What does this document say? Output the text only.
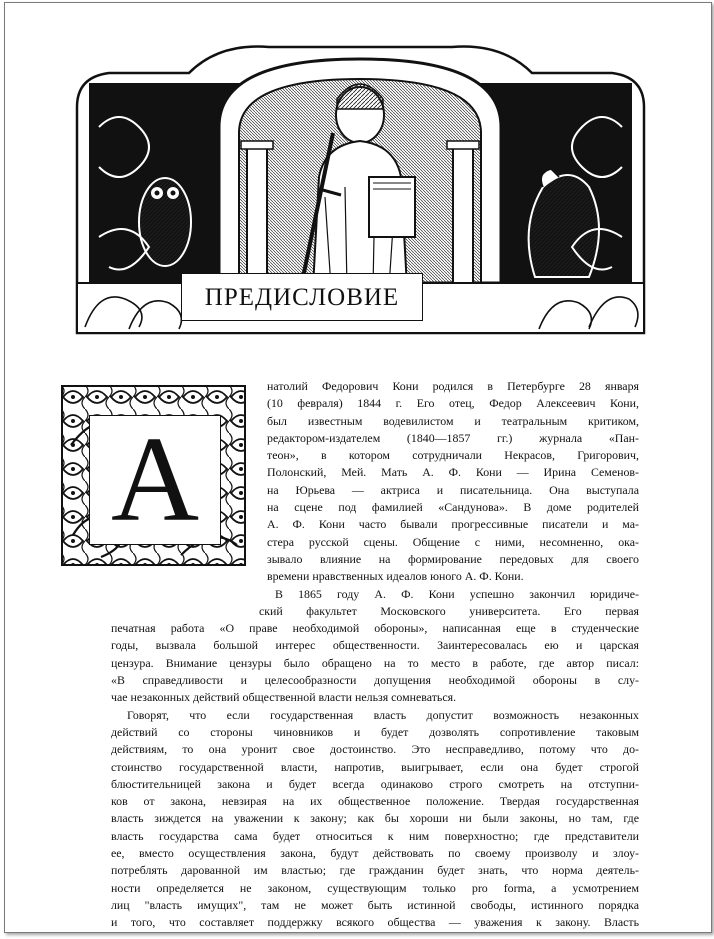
ПРЕДИСЛОВИЕ
А
натолий Федорович Кони родился в Петербурге 28 января
(10 февраля) 1844 г. Его отец, Федор Алексеевич Кони,
был известным водевилистом и театральным критиком,
редактором-издателем (1840—1857 гг.) журнала «Пан-
теон», в котором сотрудничали Некрасов, Григорович,
Полонский, Мей. Мать А. Ф. Кони — Ирина Семенов-
на Юрьева — актриса и писательница. Она выступала
на сцене под фамилией «Сандунова». В доме родителей
А. Ф. Кони часто бывали прогрессивные писатели и ма-
стера русской сцены. Общение с ними, несомненно, ока-
зывало влияние на формирование передовых для своего
времени нравственных идеалов юного А. Ф. Кони.
В 1865 году А. Ф. Кони успешно закончил юридиче-
ский факультет Московского университета. Его первая
печатная работа «О праве необходимой обороны», написанная еще в студенческие
годы, вызвала большой интерес общественности. Заинтересовалась ею и царская
цензура. Внимание цензуры было обращено на то место в работе, где автор писал:
«В справедливости и целесообразности допущения необходимой обороны в слу-
чае незаконных действий общественной власти нельзя сомневаться.
Говорят, что если государственная власть допустит возможность незаконных
действий со стороны чиновников и будет дозволять сопротивление таковым
действиям, то она уронит свое достоинство. Это несправедливо, потому что до-
стоинство государственной власти, напротив, выигрывает, если она будет строгой
блюстительницей закона и будет всегда одинаково строго смотреть на отступни-
ков от закона, невзирая на их общественное положение. Твердая государственная
власть зиждется на уважении к закону; как бы хороши ни были законы, но там, где
власть государства сама будет относиться к ним поверхностно; где представители
ее, вместо осуществления закона, будут действовать по своему произволу и злоу-
потреблять дарованной им властью; где гражданин будет знать, что норма деятель-
ности определяется не законом, существующим только pro forma, а усмотрением
лиц "власть имущих", там не может быть истинной свободы, истинного порядка
и того, что составляет поддержку всякого общества — уважения к закону. Власть
